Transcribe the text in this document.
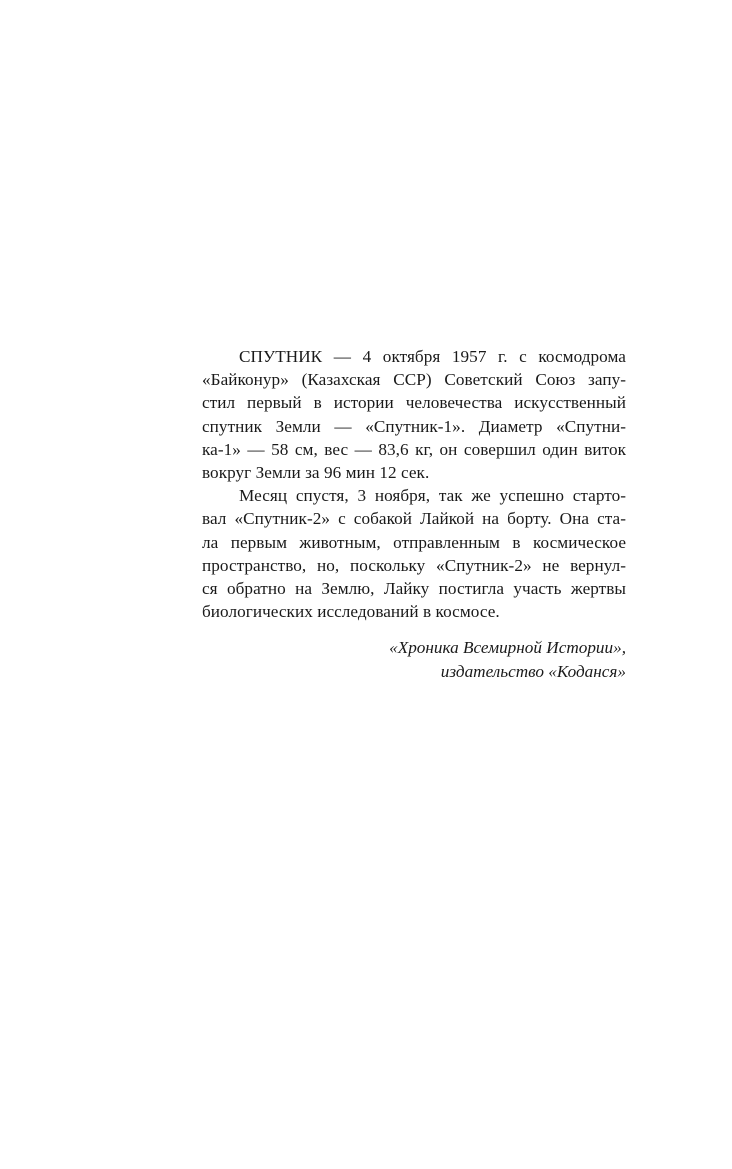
СПУТНИК — 4 октября 1957 г. с космодрома
«Байконур» (Казахская ССР) Советский Союз запу-
стил первый в истории человечества искусственный
спутник Земли — «Спутник-1». Диаметр «Спутни-
ка-1» — 58 см, вес — 83,6 кг, он совершил один виток
вокруг Земли за 96 мин 12 сек.
Месяц спустя, 3 ноября, так же успешно старто-
вал «Спутник-2» с собакой Лайкой на борту. Она ста-
ла первым животным, отправленным в космическое
пространство, но, поскольку «Спутник-2» не вернул-
ся обратно на Землю, Лайку постигла участь жертвы
биологических исследований в космосе.
«Хроника Всемирной Истории»,
издательство «Коданся»
